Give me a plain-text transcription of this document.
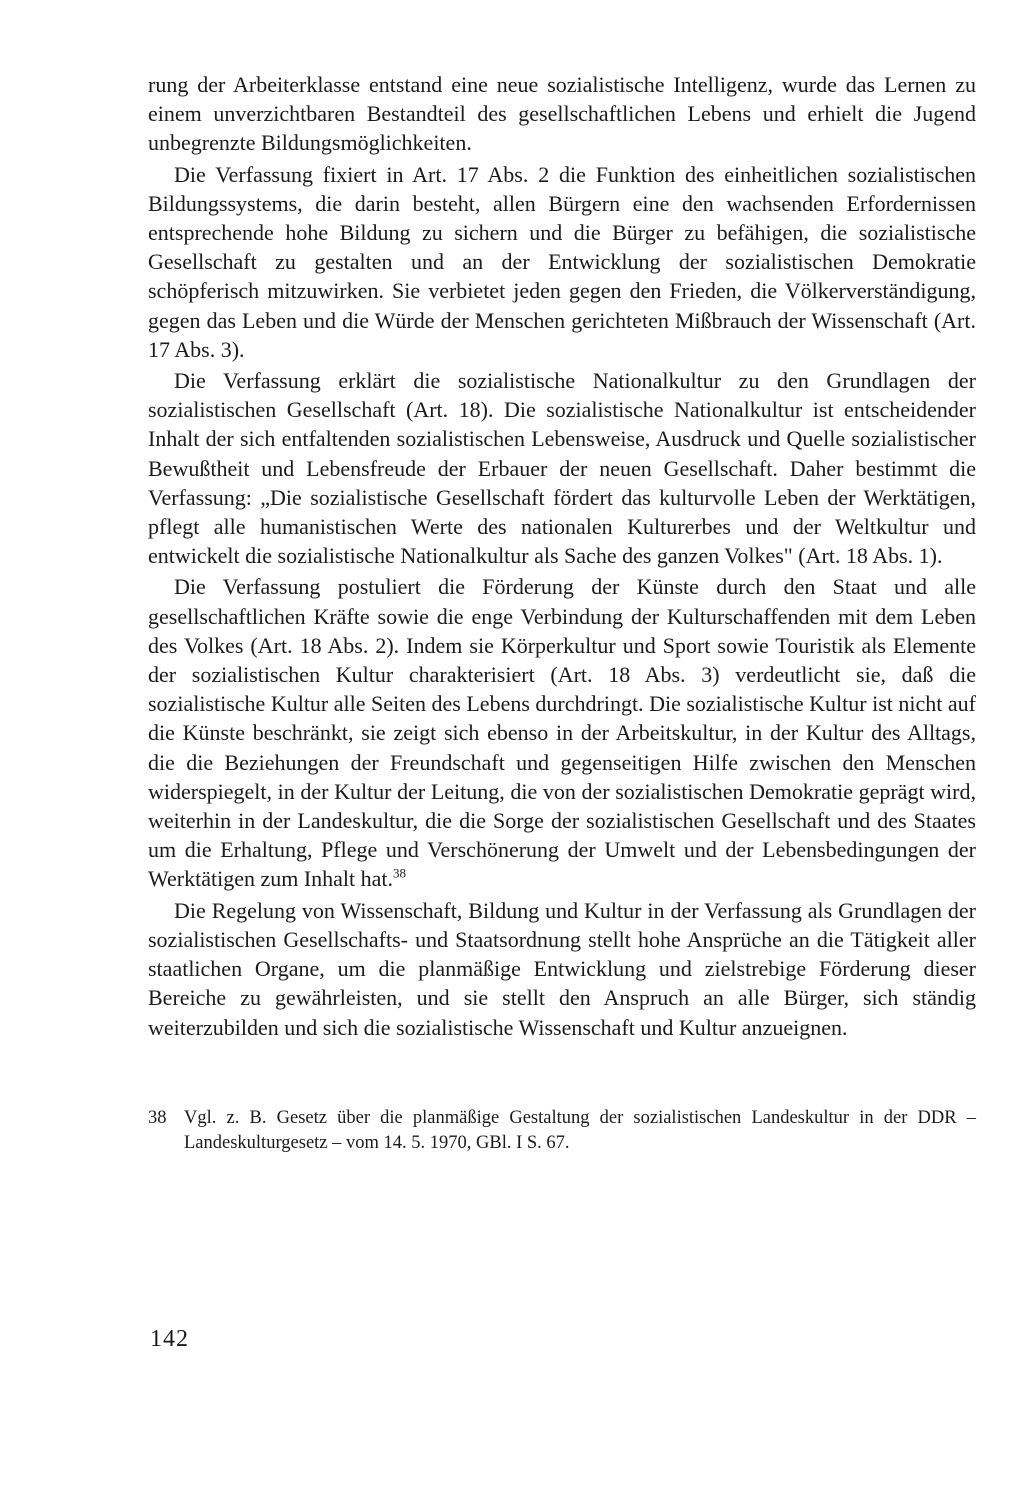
rung der Arbeiterklasse entstand eine neue sozialistische Intelligenz, wurde das Lernen zu einem unverzichtbaren Bestandteil des gesellschaftlichen Lebens und erhielt die Jugend unbegrenzte Bildungsmöglichkeiten.

Die Verfassung fixiert in Art. 17 Abs. 2 die Funktion des einheitlichen sozialistischen Bildungssystems, die darin besteht, allen Bürgern eine den wachsenden Erfordernissen entsprechende hohe Bildung zu sichern und die Bürger zu befähigen, die sozialistische Gesellschaft zu gestalten und an der Entwicklung der sozialistischen Demokratie schöpferisch mitzuwirken. Sie verbietet jeden gegen den Frieden, die Völkerverständigung, gegen das Leben und die Würde der Menschen gerichteten Mißbrauch der Wissenschaft (Art. 17 Abs. 3).

Die Verfassung erklärt die sozialistische Nationalkultur zu den Grundlagen der sozialistischen Gesellschaft (Art. 18). Die sozialistische Nationalkultur ist entscheidender Inhalt der sich entfaltenden sozialistischen Lebensweise, Ausdruck und Quelle sozialistischer Bewußtheit und Lebensfreude der Erbauer der neuen Gesellschaft. Daher bestimmt die Verfassung: „Die sozialistische Gesellschaft fördert das kulturvolle Leben der Werktätigen, pflegt alle humanistischen Werte des nationalen Kulturerbes und der Weltkultur und entwickelt die sozialistische Nationalkultur als Sache des ganzen Volkes" (Art. 18 Abs. 1).

Die Verfassung postuliert die Förderung der Künste durch den Staat und alle gesellschaftlichen Kräfte sowie die enge Verbindung der Kulturschaffenden mit dem Leben des Volkes (Art. 18 Abs. 2). Indem sie Körperkultur und Sport sowie Touristik als Elemente der sozialistischen Kultur charakterisiert (Art. 18 Abs. 3) verdeutlicht sie, daß die sozialistische Kultur alle Seiten des Lebens durchdringt. Die sozialistische Kultur ist nicht auf die Künste beschränkt, sie zeigt sich ebenso in der Arbeitskultur, in der Kultur des Alltags, die die Beziehungen der Freundschaft und gegenseitigen Hilfe zwischen den Menschen widerspiegelt, in der Kultur der Leitung, die von der sozialistischen Demokratie geprägt wird, weiterhin in der Landeskultur, die die Sorge der sozialistischen Gesellschaft und des Staates um die Erhaltung, Pflege und Verschönerung der Umwelt und der Lebensbedingungen der Werktätigen zum Inhalt hat.$^{38}$

Die Regelung von Wissenschaft, Bildung und Kultur in der Verfassung als Grundlagen der sozialistischen Gesellschafts- und Staatsordnung stellt hohe Ansprüche an die Tätigkeit aller staatlichen Organe, um die planmäßige Entwicklung und zielstrebige Förderung dieser Bereiche zu gewährleisten, und sie stellt den Anspruch an alle Bürger, sich ständig weiterzubilden und sich die sozialistische Wissenschaft und Kultur anzueignen.

38 Vgl. z. B. Gesetz über die planmäßige Gestaltung der sozialistischen Landeskultur in der DDR – Landeskulturgesetz – vom 14. 5. 1970, GBl. I S. 67.
142
